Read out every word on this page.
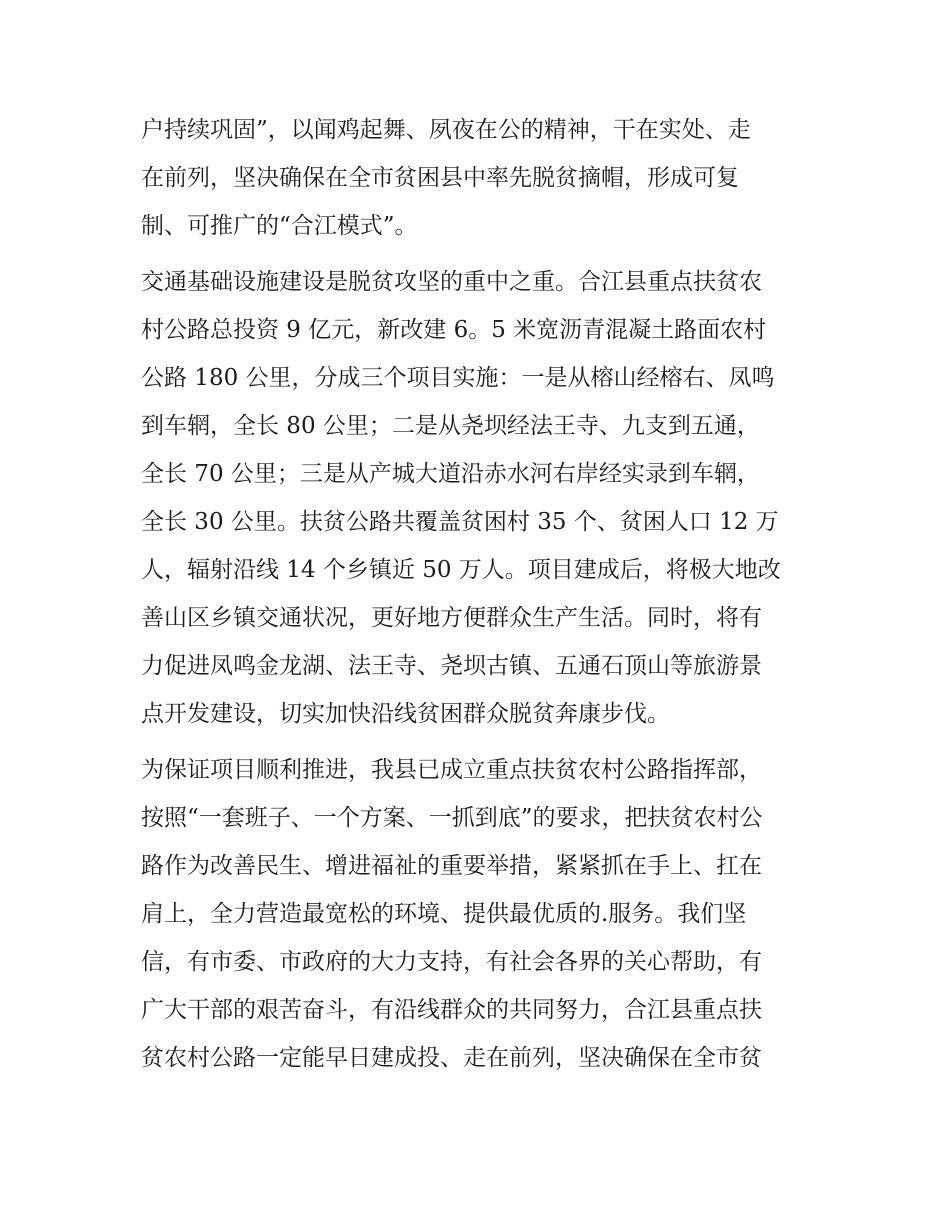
户持续巩固”，以闻鸡起舞、夙夜在公的精神，干在实处、走
在前列，坚决确保在全市贫困县中率先脱贫摘帽，形成可复
制、可推广的“合江模式”。
交通基础设施建设是脱贫攻坚的重中之重。合江县重点扶贫农
村公路总投资 9 亿元，新改建 6。5 米宽沥青混凝土路面农村
公路 180 公里，分成三个项目实施：一是从榕山经榕右、凤鸣
到车辋，全长 80 公里；二是从尧坝经法王寺、九支到五通，
全长 70 公里；三是从产城大道沿赤水河右岸经实录到车辋，
全长 30 公里。扶贫公路共覆盖贫困村 35 个、贫困人口 12 万
人，辐射沿线 14 个乡镇近 50 万人。项目建成后，将极大地改
善山区乡镇交通状况，更好地方便群众生产生活。同时，将有
力促进凤鸣金龙湖、法王寺、尧坝古镇、五通石顶山等旅游景
点开发建设，切实加快沿线贫困群众脱贫奔康步伐。
为保证项目顺利推进，我县已成立重点扶贫农村公路指挥部，
按照“一套班子、一个方案、一抓到底”的要求，把扶贫农村公
路作为改善民生、增进福祉的重要举措，紧紧抓在手上、扛在
肩上，全力营造最宽松的环境、提供最优质的.服务。我们坚
信，有市委、市政府的大力支持，有社会各界的关心帮助，有
广大干部的艰苦奋斗，有沿线群众的共同努力，合江县重点扶
贫农村公路一定能早日建成投、走在前列，坚决确保在全市贫
